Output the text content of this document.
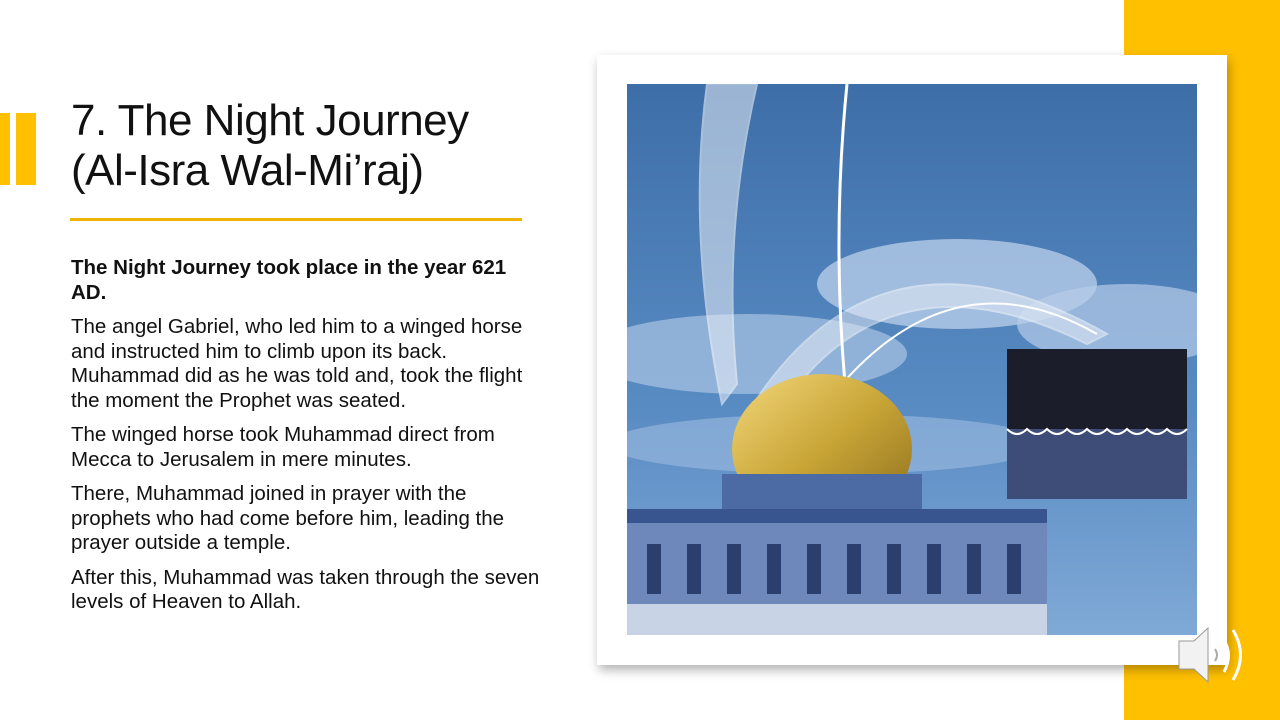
7. The Night Journey
(Al-Isra Wal-Mi’raj)

The Night Journey took place in the year 621 AD.

The angel Gabriel, who led him to a winged horse and instructed him to climb upon its back. Muhammad did as he was told and, took the flight the moment the Prophet was seated.

The winged horse took Muhammad direct from Mecca to Jerusalem in mere minutes.

There, Muhammad joined in prayer with the prophets who had come before him, leading the prayer outside a temple.

After this, Muhammad was taken through the seven levels of Heaven to Allah.
